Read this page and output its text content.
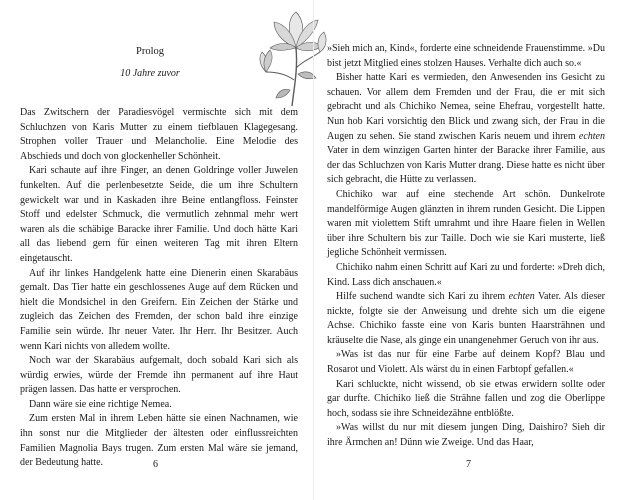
Prolog
10 Jahre zuvor

Das Zwitschern der Paradiesvögel vermischte sich mit dem Schluchzen von Karis Mutter zu einem tiefblauen Klagegesang. Strophen voller Trauer und Melancholie. Eine Melodie des Abschieds und doch von glockenheller Schönheit.

Kari schaute auf ihre Finger, an denen Goldringe voller Juwelen funkelten. Auf die perlenbesetzte Seide, die um ihre Schultern gewickelt war und in Kaskaden ihre Beine entlangfloss. Feinster Stoff und edelster Schmuck, die vermutlich zehnmal mehr wert waren als die schäbige Baracke ihrer Familie. Und doch hätte Kari all das liebend gern für einen weiteren Tag mit ihren Eltern eingetauscht.

Auf ihr linkes Handgelenk hatte eine Dienerin einen Skarabäus gemalt. Das Tier hatte ein geschlossenes Auge auf dem Rücken und hielt die Mondsichel in den Greifern. Ein Zeichen der Stärke und zugleich das Zeichen des Fremden, der schon bald ihre einzige Familie sein würde. Ihr neuer Vater. Ihr Herr. Ihr Besitzer. Auch wenn Kari nichts von alledem wollte.

Noch war der Skarabäus aufgemalt, doch sobald Kari sich als würdig erwies, würde der Fremde ihn permanent auf ihre Haut prägen lassen. Das hatte er versprochen.

Dann wäre sie eine richtige Nemea.

Zum ersten Mal in ihrem Leben hätte sie einen Nachnamen, wie ihn sonst nur die Mitglieder der ältesten oder einflussreichten Familien Magnolia Bays trugen. Zum ersten Mal wäre sie jemand, der Bedeutung hatte.	6

»Sieh mich an, Kind«, forderte eine schneidende Frauenstimme. »Du bist jetzt Mitglied eines stolzen Hauses. Verhalte dich auch so.«

Bisher hatte Kari es vermieden, den Anwesenden ins Gesicht zu schauen. Vor allem dem Fremden und der Frau, die er mit sich gebracht und als Chichiko Nemea, seine Ehefrau, vorgestellt hatte. Nun hob Kari vorsichtig den Blick und zwang sich, der Frau in die Augen zu sehen. Sie stand zwischen Karis neuem und ihrem echten Vater in dem winzigen Garten hinter der Baracke ihrer Familie, aus der das Schluchzen von Karis Mutter drang. Diese hatte es nicht über sich gebracht, die Hütte zu verlassen.

Chichiko war auf eine stechende Art schön. Dunkelrote mandelförmige Augen glänzten in ihrem runden Gesicht. Die Lippen waren mit violettem Stift umrahmt und ihre Haare fielen in Wellen über ihre Schultern bis zur Taille. Doch wie sie Kari musterte, ließ jegliche Schönheit vermissen.

Chichiko nahm einen Schritt auf Kari zu und forderte: »Dreh dich, Kind. Lass dich anschauen.«

Hilfe suchend wandte sich Kari zu ihrem echten Vater. Als dieser nickte, folgte sie der Anweisung und drehte sich um die eigene Achse. Chichiko fasste eine von Karis bunten Haarsträhnen und kräuselte die Nase, als ginge ein unangenehmer Geruch von ihr aus.

»Was ist das nur für eine Farbe auf deinem Kopf? Blau und Rosarot und Violett. Als wärst du in einen Farbtopf gefallen.«

Kari schluckte, nicht wissend, ob sie etwas erwidern sollte oder gar durfte. Chichiko ließ die Strähne fallen und zog die Oberlippe hoch, sodass sie ihre Schneidezähne entblößte.

»Was willst du nur mit diesem jungen Ding, Daishiro? Sieh dir ihre Ärmchen an! Dünn wie Zweige. Und das Haar,

7
